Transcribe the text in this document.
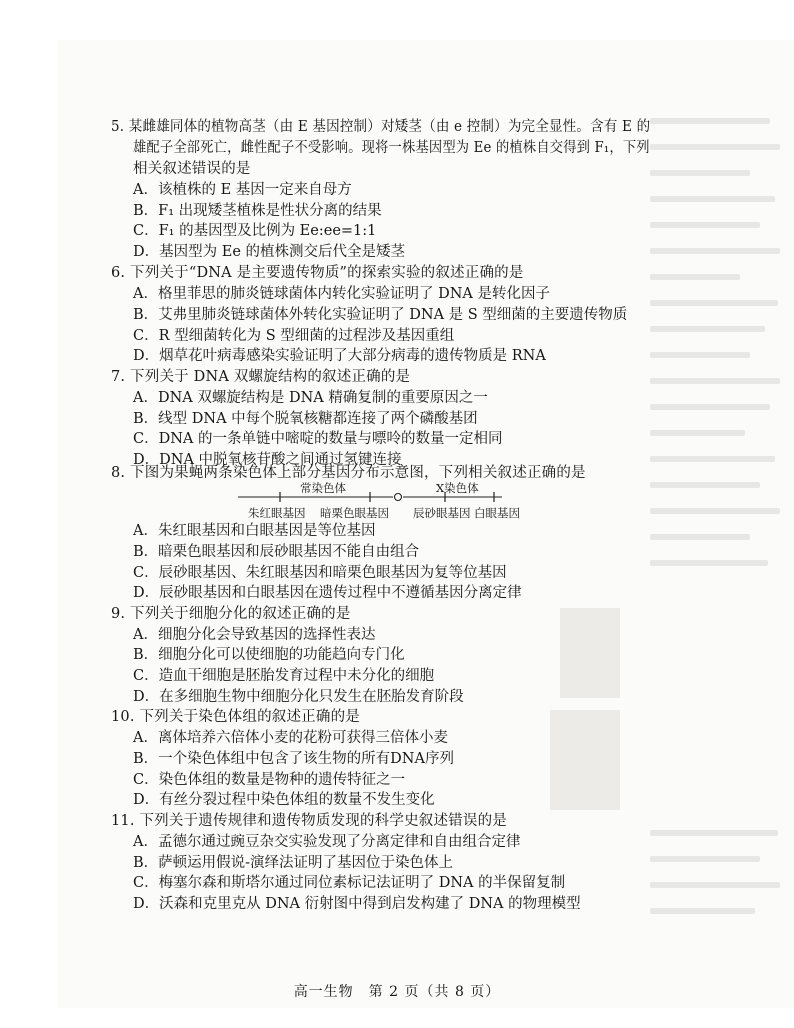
5. 某雌雄同体的植物高茎（由 E 基因控制）对矮茎（由 e 控制）为完全显性。含有 E 的
雄配子全部死亡，雌性配子不受影响。现将一株基因型为 Ee 的植株自交得到 F₁，下列
相关叙述错误的是
A．该植株的 E 基因一定来自母方
B．F₁ 出现矮茎植株是性状分离的结果
C．F₁ 的基因型及比例为 Ee:ee=1:1
D．基因型为 Ee 的植株测交后代全是矮茎
6. 下列关于“DNA 是主要遗传物质”的探索实验的叙述正确的是
A．格里菲思的肺炎链球菌体内转化实验证明了 DNA 是转化因子
B．艾弗里肺炎链球菌体外转化实验证明了 DNA 是 S 型细菌的主要遗传物质
C．R 型细菌转化为 S 型细菌的过程涉及基因重组
D．烟草花叶病毒感染实验证明了大部分病毒的遗传物质是 RNA
7. 下列关于 DNA 双螺旋结构的叙述正确的是
A．DNA 双螺旋结构是 DNA 精确复制的重要原因之一
B．线型 DNA 中每个脱氧核糖都连接了两个磷酸基团
C．DNA 的一条单链中嘧啶的数量与嘌呤的数量一定相同
D．DNA 中脱氧核苷酸之间通过氢键连接
8. 下图为果蝇两条染色体上部分基因分布示意图，下列相关叙述正确的是
常染色体	X染色体
朱红眼基因 暗栗色眼基因 辰砂眼基因 白眼基因
A．朱红眼基因和白眼基因是等位基因
B．暗栗色眼基因和辰砂眼基因不能自由组合
C．辰砂眼基因、朱红眼基因和暗栗色眼基因为复等位基因
D．辰砂眼基因和白眼基因在遗传过程中不遵循基因分离定律
9. 下列关于细胞分化的叙述正确的是
A．细胞分化会导致基因的选择性表达
B．细胞分化可以使细胞的功能趋向专门化
C．造血干细胞是胚胎发育过程中未分化的细胞
D．在多细胞生物中细胞分化只发生在胚胎发育阶段
10. 下列关于染色体组的叙述正确的是
A．离体培养六倍体小麦的花粉可获得三倍体小麦
B．一个染色体组中包含了该生物的所有DNA序列
C．染色体组的数量是物种的遗传特征之一
D．有丝分裂过程中染色体组的数量不发生变化
11. 下列关于遗传规律和遗传物质发现的科学史叙述错误的是
A．孟德尔通过豌豆杂交实验发现了分离定律和自由组合定律
B．萨顿运用假说-演绎法证明了基因位于染色体上
C．梅塞尔森和斯塔尔通过同位素标记法证明了 DNA 的半保留复制
D．沃森和克里克从 DNA 衍射图中得到启发构建了 DNA 的物理模型
高一生物　第 2 页（共 8 页）
